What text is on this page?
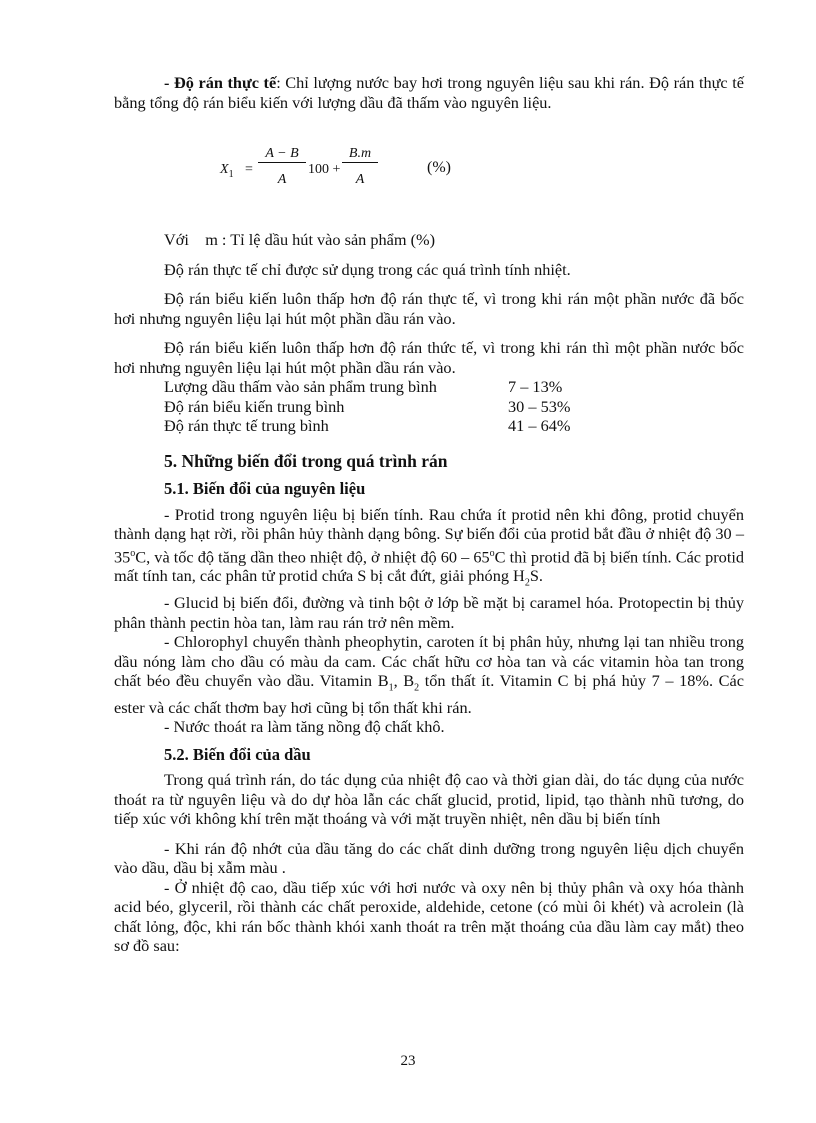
- Độ rán thực tế: Chỉ lượng nước bay hơi trong nguyên liệu sau khi rán. Độ rán thực tế bằng tổng độ rán biểu kiến với lượng dầu đã thấm vào nguyên liệu.

$X_1$ =
A − B
A
100 +
B.m
A
(%)

Với m : Tỉ lệ dầu hút vào sản phẩm (%)

Độ rán thực tế chỉ được sử dụng trong các quá trình tính nhiệt.

Độ rán biểu kiến luôn thấp hơn độ rán thực tế, vì trong khi rán một phần nước đã bốc hơi nhưng nguyên liệu lại hút một phần dầu rán vào.

Độ rán biểu kiến luôn thấp hơn độ rán thức tế, vì trong khi rán thì một phần nước bốc hơi nhưng nguyên liệu lại hút một phần dầu rán vào.

Lượng dầu thấm vào sản phẩm trung bình	7 – 13%
Độ rán biểu kiến trung bình	30 – 53%
Độ rán thực tế trung bình	41 – 64%
5. Những biến đổi trong quá trình rán
5.1. Biến đổi của nguyên liệu

- Protid trong nguyên liệu bị biến tính. Rau chứa ít protid nên khi đông, protid chuyển thành dạng hạt rời, rồi phân hủy thành dạng bông. Sự biến đổi của protid bắt đầu ở nhiệt độ 30 – 35$^o$C, và tốc độ tăng dần theo nhiệt độ, ở nhiệt độ 60 – 65$^o$C thì protid đã bị biến tính. Các protid mất tính tan, các phân tử protid chứa S bị cắt đứt, giải phóng $H_2S$.

- Glucid bị biến đổi, đường và tinh bột ở lớp bề mặt bị caramel hóa. Protopectin bị thủy phân thành pectin hòa tan, làm rau rán trở nên mềm.

- Chlorophyl chuyển thành pheophytin, caroten ít bị phân hủy, nhưng lại tan nhiều trong dầu nóng làm cho dầu có màu da cam. Các chất hữu cơ hòa tan và các vitamin hòa tan trong chất béo đều chuyển vào dầu. Vitamin $B_1$, $B_2$ tổn thất ít. Vitamin C bị phá hủy 7 – 18%. Các ester và các chất thơm bay hơi cũng bị tổn thất khi rán.

- Nước thoát ra làm tăng nồng độ chất khô.

5.2. Biến đổi của dầu

Trong quá trình rán, do tác dụng của nhiệt độ cao và thời gian dài, do tác dụng của nước thoát ra từ nguyên liệu và do dự hòa lẫn các chất glucid, protid, lipid, tạo thành nhũ tương, do tiếp xúc với không khí trên mặt thoáng và với mặt truyền nhiệt, nên dầu bị biến tính

- Khi rán độ nhớt của dầu tăng do các chất dinh dưỡng trong nguyên liệu dịch chuyển vào dầu, dầu bị xẫm màu .

- Ở nhiệt độ cao, dầu tiếp xúc với hơi nước và oxy nên bị thủy phân và oxy hóa thành acid béo, glyceril, rồi thành các chất peroxide, aldehide, cetone (có mùi ôi khét) và acrolein (là chất lỏng, độc, khi rán bốc thành khói xanh thoát ra trên mặt thoáng của dầu làm cay mắt) theo sơ đồ sau:

23
